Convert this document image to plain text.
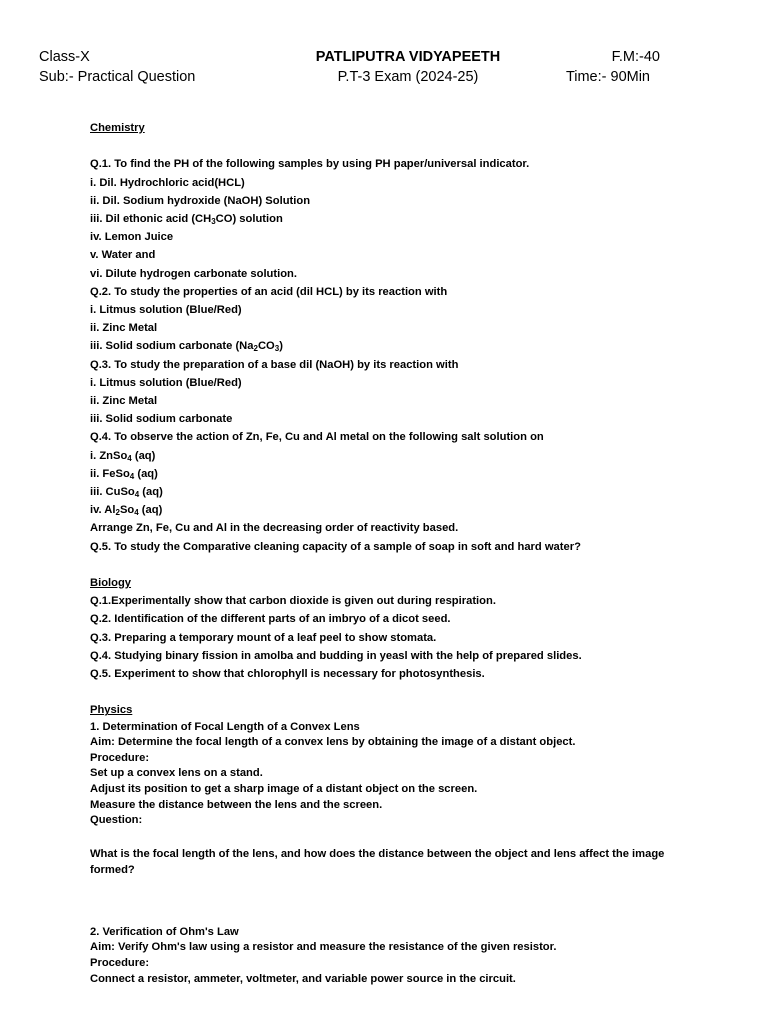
Class-X
Sub:- Practical Question
PATLIPUTRA VIDYAPEETH
P.T-3 Exam (2024-25)
F.M:-40
Time:- 90Min
Chemistry
Q.1. To find the PH of the following samples by using PH paper/universal indicator.
i. Dil. Hydrochloric acid(HCL)
ii. Dil. Sodium hydroxide (NaOH) Solution
iii. Dil ethonic acid $(CH_3CO)$ solution
iv. Lemon Juice
v. Water and
vi. Dilute hydrogen carbonate solution.
Q.2. To study the properties of an acid (dil HCL) by its reaction with
i. Litmus solution (Blue/Red)
ii. Zinc Metal
iii. Solid sodium carbonate $(Na_2CO_3)$
Q.3. To study the preparation of a base dil (NaOH) by its reaction with
i. Litmus solution (Blue/Red)
ii. Zinc Metal
iii. Solid sodium carbonate
Q.4. To observe the action of Zn, Fe, Cu and Al metal on the following salt solution on
i. ZnSo$_4$ (aq)
ii. FeSo$_4$ (aq)
iii. CuSo$_4$ (aq)
iv. $Al_2So_4$ (aq)
Arrange Zn, Fe, Cu and Al in the decreasing order of reactivity based.
Q.5. To study the Comparative cleaning capacity of a sample of soap in soft and hard water?
Biology
Q.1.Experimentally show that carbon dioxide is given out during respiration.
Q.2. Identification of the different parts of an imbryo of a dicot seed.
Q.3. Preparing a temporary mount of a leaf peel to show stomata.
Q.4. Studying binary fission in amolba and budding in yeasl with the help of prepared slides.
Q.5. Experiment to show that chlorophyll is necessary for photosynthesis.
Physics
1. Determination of Focal Length of a Convex Lens
Aim: Determine the focal length of a convex lens by obtaining the image of a distant object.
Procedure:
Set up a convex lens on a stand.
Adjust its position to get a sharp image of a distant object on the screen.
Measure the distance between the lens and the screen.
Question:
What is the focal length of the lens, and how does the distance between the object and lens affect the image formed?
2. Verification of Ohm's Law
Aim: Verify Ohm's law using a resistor and measure the resistance of the given resistor.
Procedure:
Connect a resistor, ammeter, voltmeter, and variable power source in the circuit.
